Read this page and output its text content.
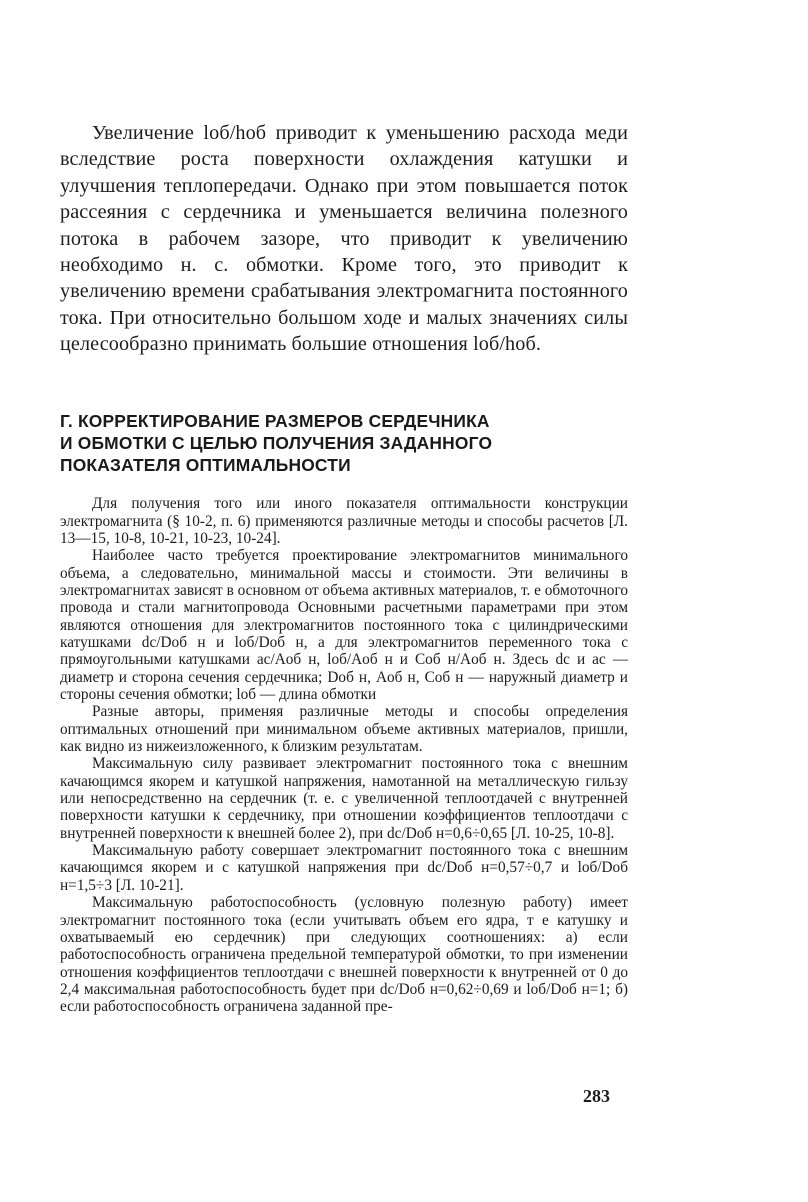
Увеличение lоб/hоб приводит к уменьшению расхода меди вследствие роста поверхности охлаждения катушки и улучшения теплопередачи. Однако при этом повышается поток рассеяния с сердечника и уменьшается величина полезного потока в рабочем зазоре, что приводит к увеличению необходимо н. с. обмотки. Кроме того, это приводит к увеличению времени срабатывания электромагнита постоянного тока. При относительно большом ходе и малых значениях силы целесообразно принимать большие отношения lоб/hоб.

Г. КОРРЕКТИРОВАНИЕ РАЗМЕРОВ СЕРДЕЧНИКА
И ОБМОТКИ С ЦЕЛЬЮ ПОЛУЧЕНИЯ ЗАДАННОГО
ПОКАЗАТЕЛЯ ОПТИМАЛЬНОСТИ

Для получения того или иного показателя оптимальности конструкции электромагнита (§ 10-2, п. 6) применяются различные методы и способы расчетов [Л. 13—15, 10-8, 10-21, 10-23, 10-24].

Наиболее часто требуется проектирование электромагнитов минимального объема, а следовательно, минимальной массы и стоимости. Эти величины в электромагнитах зависят в основном от объема активных материалов, т. е обмоточного провода и стали магнитопровода Основными расчетными параметрами при этом являются отношения для электромагнитов постоянного тока с цилиндрическими катушками dс/Dоб н и lоб/Dоб н, а для электромагнитов переменного тока с прямоугольными катушками ac/Aоб н, lоб/Aоб н и Cоб н/Aоб н. Здесь dс и ac — диаметр и сторона сечения сердечника; Dоб н, Aоб н, Cоб н — наружный диаметр и стороны сечения обмотки; lоб — длина обмотки

Разные авторы, применяя различные методы и способы определения оптимальных отношений при минимальном объеме активных материалов, пришли, как видно из нижеизложенного, к близким результатам.

Максимальную силу развивает электромагнит постоянного тока с внешним качающимся якорем и катушкой напряжения, намотанной на металлическую гильзу или непосредственно на сердечник (т. е. с увеличенной теплоотдачей с внутренней поверхности катушки к сердечнику, при отношении коэффициентов теплоотдачи с внутренней поверхности к внешней более 2), при dс/Dоб н=0,6÷0,65 [Л. 10-25, 10-8].

Максимальную работу совершает электромагнит постоянного тока с внешним качающимся якорем и с катушкой напряжения при dс/Dоб н=0,57÷0,7 и lоб/Dоб н=1,5÷3 [Л. 10-21].

Максимальную работоспособность (условную полезную работу) имеет электромагнит постоянного тока (если учитывать объем его ядра, т е катушку и охватываемый ею сердечник) при следующих соотношениях: а) если работоспособность ограничена предельной температурой обмотки, то при изменении отношения коэффициентов теплоотдачи с внешней поверхности к внутренней от 0 до 2,4 максимальная работоспособность будет при dс/Dоб н=0,62÷0,69 и lоб/Dоб н=1; б) если работоспособность ограничена заданной пре-

283
